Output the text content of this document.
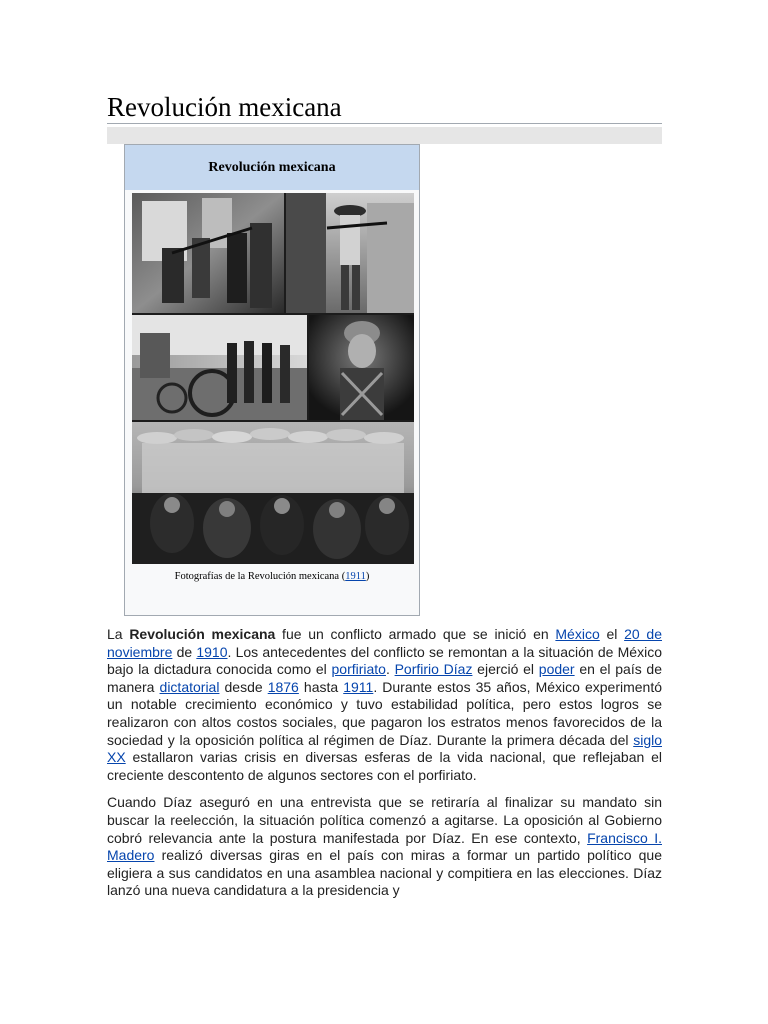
Revolución mexicana
Revolución mexicana
Fotografías de la Revolución mexicana (1911)

La Revolución mexicana fue un conflicto armado que se inició en México el 20 de noviembre de 1910. Los antecedentes del conflicto se remontan a la situación de México bajo la dictadura conocida como el porfiriato. Porfirio Díaz ejerció el poder en el país de manera dictatorial desde 1876 hasta 1911. Durante estos 35 años, México experimentó un notable crecimiento económico y tuvo estabilidad política, pero estos logros se realizaron con altos costos sociales, que pagaron los estratos menos favorecidos de la sociedad y la oposición política al régimen de Díaz. Durante la primera década del siglo XX estallaron varias crisis en diversas esferas de la vida nacional, que reflejaban el creciente descontento de algunos sectores con el porfiriato.

Cuando Díaz aseguró en una entrevista que se retiraría al finalizar su mandato sin buscar la reelección, la situación política comenzó a agitarse. La oposición al Gobierno cobró relevancia ante la postura manifestada por Díaz. En ese contexto, Francisco I. Madero realizó diversas giras en el país con miras a formar un partido político que eligiera a sus candidatos en una asamblea nacional y compitiera en las elecciones. Díaz lanzó una nueva candidatura a la presidencia y
